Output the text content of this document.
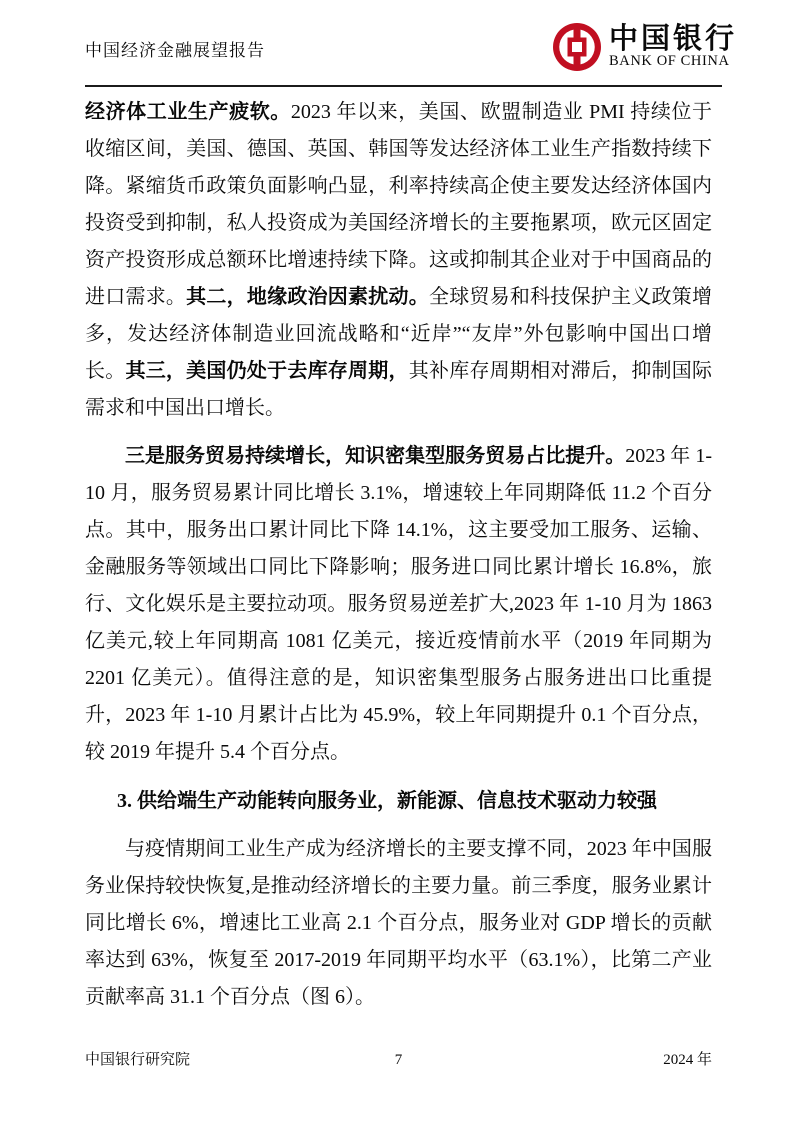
中国经济金融展望报告	中国银行
BANK OF CHINA

经济体工业生产疲软。2023 年以来，美国、欧盟制造业 PMI 持续位于收缩区间，美国、德国、英国、韩国等发达经济体工业生产指数持续下降。紧缩货币政策负面影响凸显，利率持续高企使主要发达经济体国内投资受到抑制，私人投资成为美国经济增长的主要拖累项，欧元区固定资产投资形成总额环比增速持续下降。这或抑制其企业对于中国商品的进口需求。其二，地缘政治因素扰动。全球贸易和科技保护主义政策增多，发达经济体制造业回流战略和“近岸”“友岸”外包影响中国出口增长。其三，美国仍处于去库存周期，其补库存周期相对滞后，抑制国际需求和中国出口增长。

三是服务贸易持续增长，知识密集型服务贸易占比提升。2023 年 1-10 月，服务贸易累计同比增长 3.1%，增速较上年同期降低 11.2 个百分点。其中，服务出口累计同比下降 14.1%，这主要受加工服务、运输、金融服务等领域出口同比下降影响；服务进口同比累计增长 16.8%，旅行、文化娱乐是主要拉动项。服务贸易逆差扩大,2023 年 1-10 月为 1863 亿美元,较上年同期高 1081 亿美元，接近疫情前水平（2019 年同期为 2201 亿美元）。值得注意的是，知识密集型服务占服务进出口比重提升，2023 年 1-10 月累计占比为 45.9%，较上年同期提升 0.1 个百分点，较 2019 年提升 5.4 个百分点。

3. 供给端生产动能转向服务业，新能源、信息技术驱动力较强

与疫情期间工业生产成为经济增长的主要支撑不同，2023 年中国服务业保持较快恢复,是推动经济增长的主要力量。前三季度，服务业累计同比增长 6%，增速比工业高 2.1 个百分点，服务业对 GDP 增长的贡献率达到 63%，恢复至 2017-2019 年同期平均水平（63.1%），比第二产业贡献率高 31.1 个百分点（图 6）。

中国银行研究院	7	2024 年
